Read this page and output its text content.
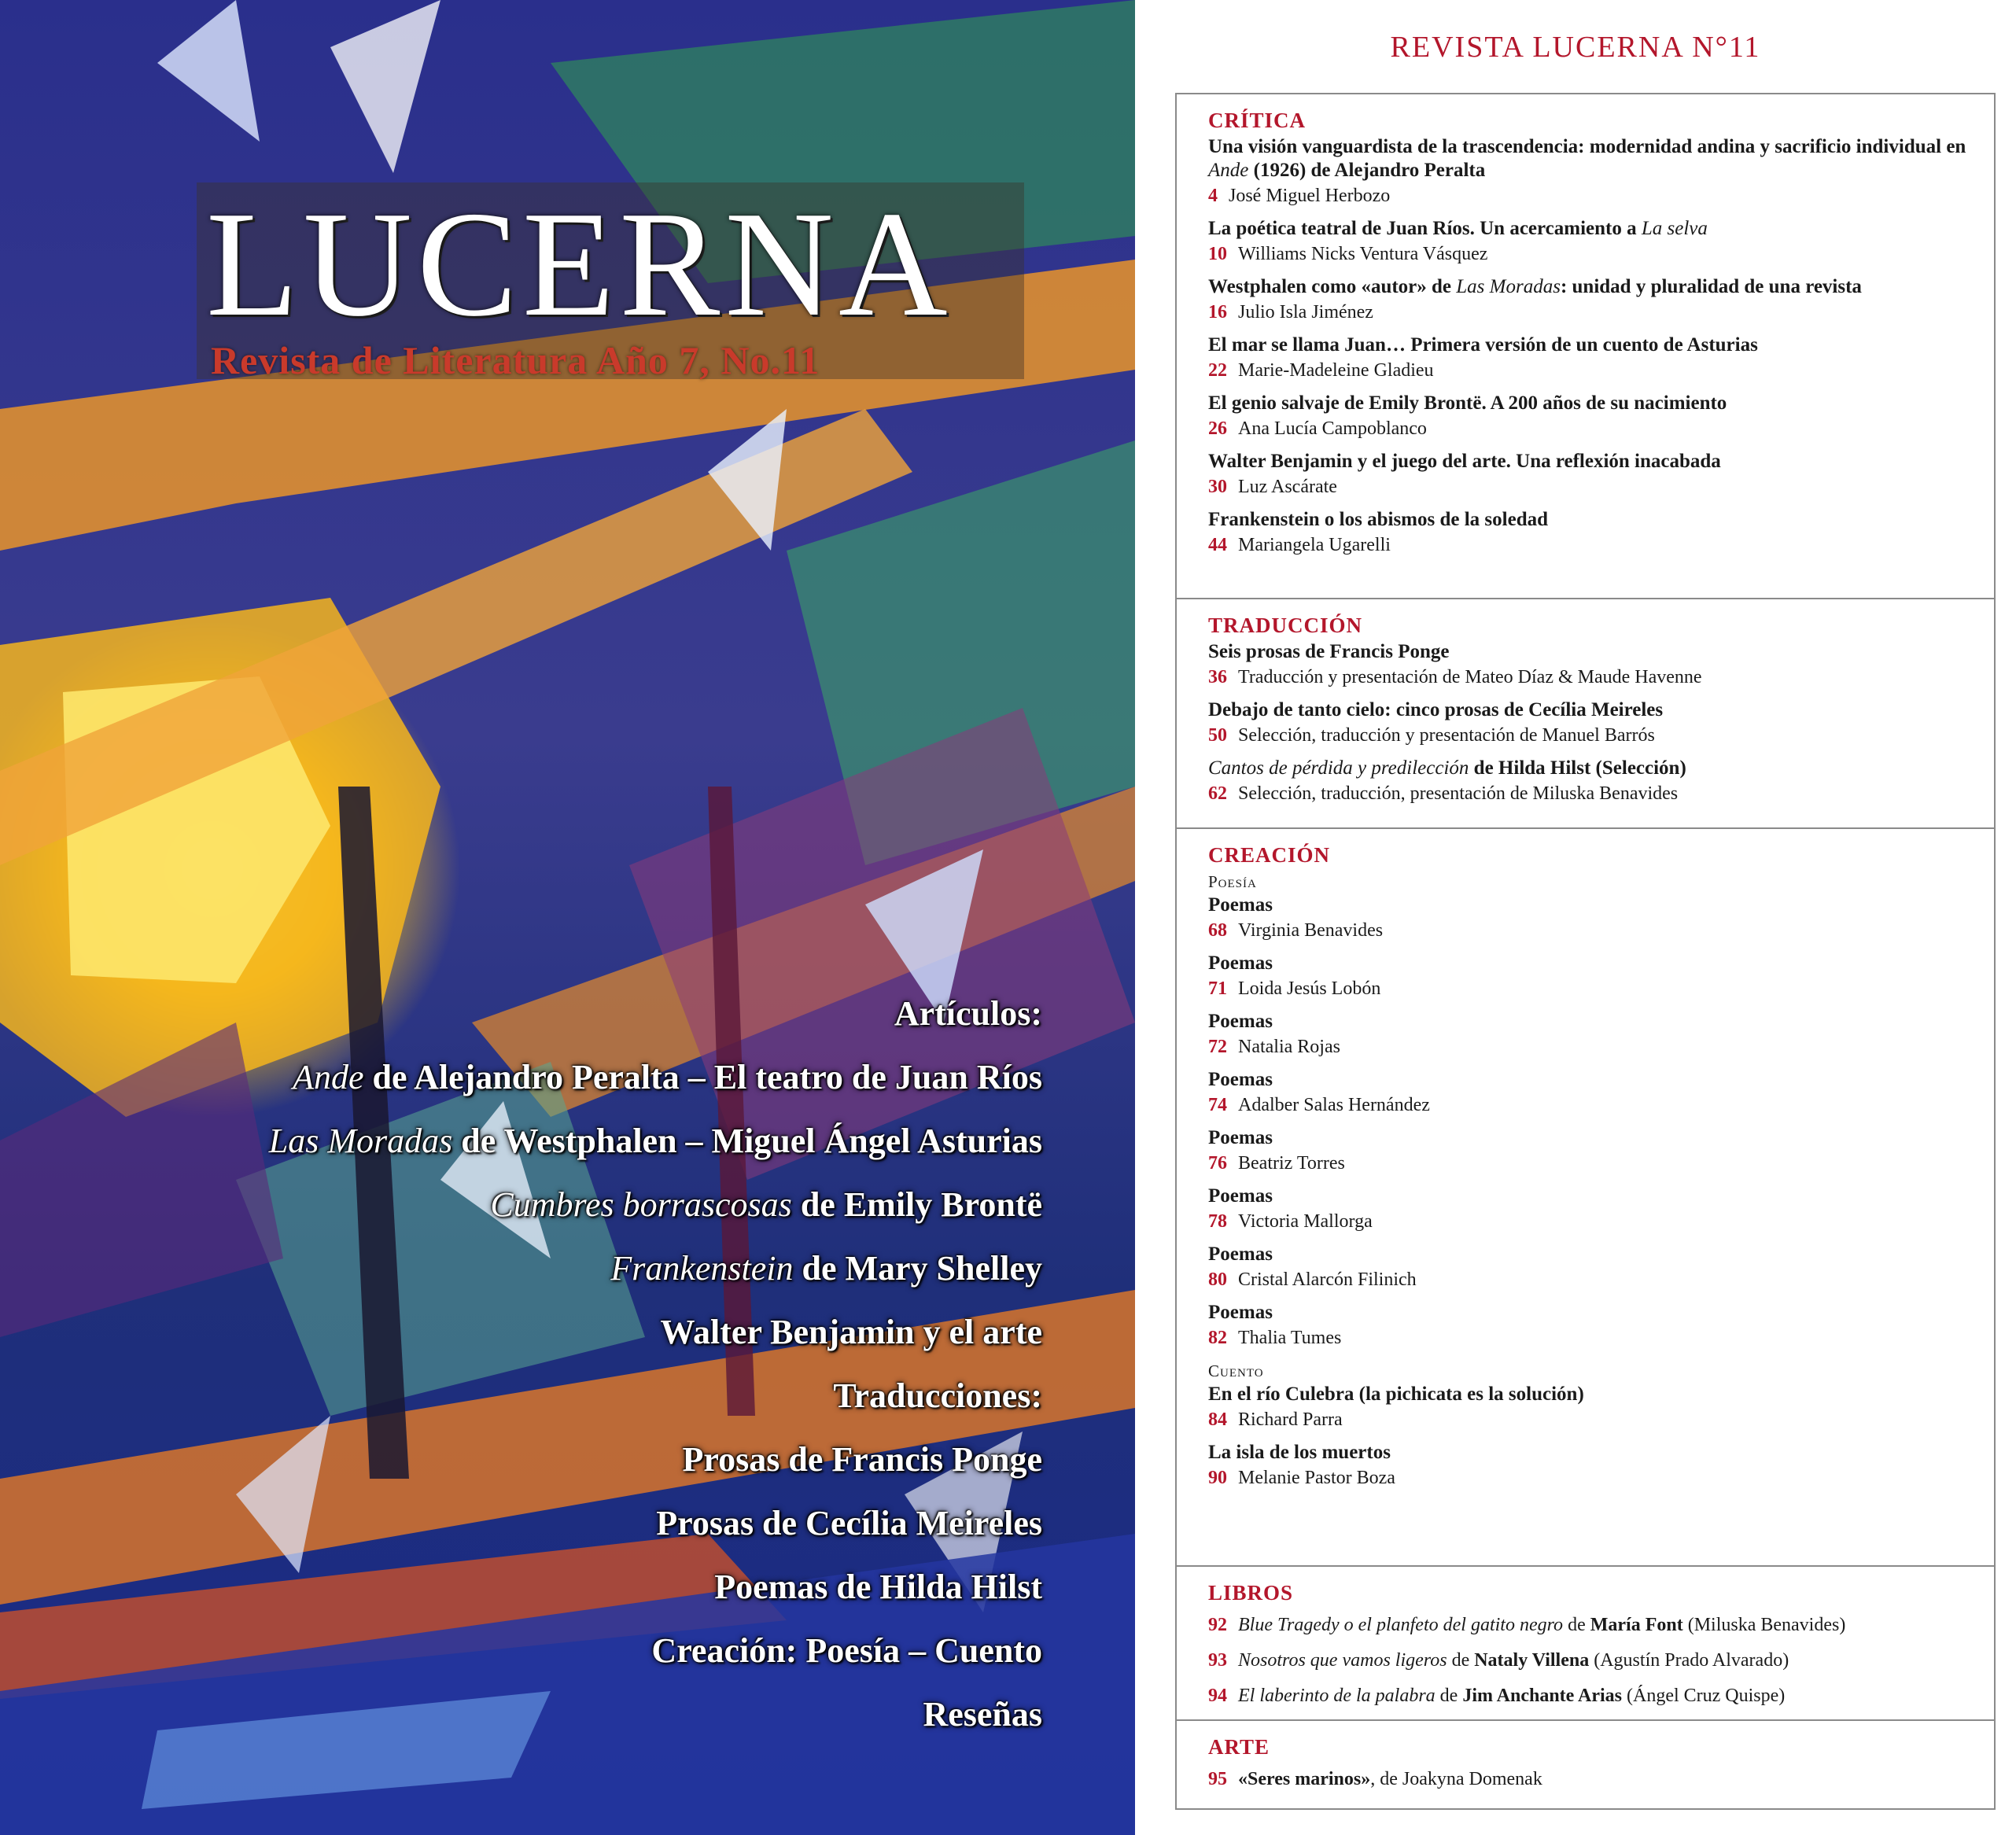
LUCERNA
Revista de Literatura Año 7, No.11
Artículos:
Ande de Alejandro Peralta – El teatro de Juan Ríos
Las Moradas de Westphalen – Miguel Ángel Asturias
Cumbres borrascosas de Emily Brontë
Frankenstein de Mary Shelley
Walter Benjamin y el arte
Traducciones:
Prosas de Francis Ponge
Prosas de Cecília Meireles
Poemas de Hilda Hilst
Creación: Poesía – Cuento
Reseñas
REVISTA LUCERNA N°11
CRÍTICA
Una visión vanguardista de la trascendencia: modernidad andina y sacrificio individual en Ande (1926) de Alejandro Peralta
4 José Miguel Herbozo
La poética teatral de Juan Ríos. Un acercamiento a La selva
10 Williams Nicks Ventura Vásquez
Westphalen como «autor» de Las Moradas: unidad y pluralidad de una revista
16 Julio Isla Jiménez
El mar se llama Juan… Primera versión de un cuento de Asturias
22 Marie-Madeleine Gladieu
El genio salvaje de Emily Brontë. A 200 años de su nacimiento
26 Ana Lucía Campoblanco
Walter Benjamin y el juego del arte. Una reflexión inacabada
30 Luz Ascárate
Frankenstein o los abismos de la soledad
44 Mariangela Ugarelli
TRADUCCIÓN
Seis prosas de Francis Ponge
36 Traducción y presentación de Mateo Díaz & Maude Havenne
Debajo de tanto cielo: cinco prosas de Cecília Meireles
50 Selección, traducción y presentación de Manuel Barrós
Cantos de pérdida y predilección de Hilda Hilst (Selección)
62 Selección, traducción, presentación de Miluska Benavides
CREACIÓN
Poesía
Poemas
68 Virginia Benavides
Poemas
71 Loida Jesús Lobón
Poemas
72 Natalia Rojas
Poemas
74 Adalber Salas Hernández
Poemas
76 Beatriz Torres
Poemas
78 Victoria Mallorga
Poemas
80 Cristal Alarcón Filinich
Poemas
82 Thalia Tumes
Cuento
En el río Culebra (la pichicata es la solución)
84 Richard Parra
La isla de los muertos
90 Melanie Pastor Boza
LIBROS
92 Blue Tragedy o el planfeto del gatito negro de María Font (Miluska Benavides)
93 Nosotros que vamos ligeros de Nataly Villena (Agustín Prado Alvarado)
94 El laberinto de la palabra de Jim Anchante Arias (Ángel Cruz Quispe)
ARTE
95 «Seres marinos», de Joakyna Domenak
